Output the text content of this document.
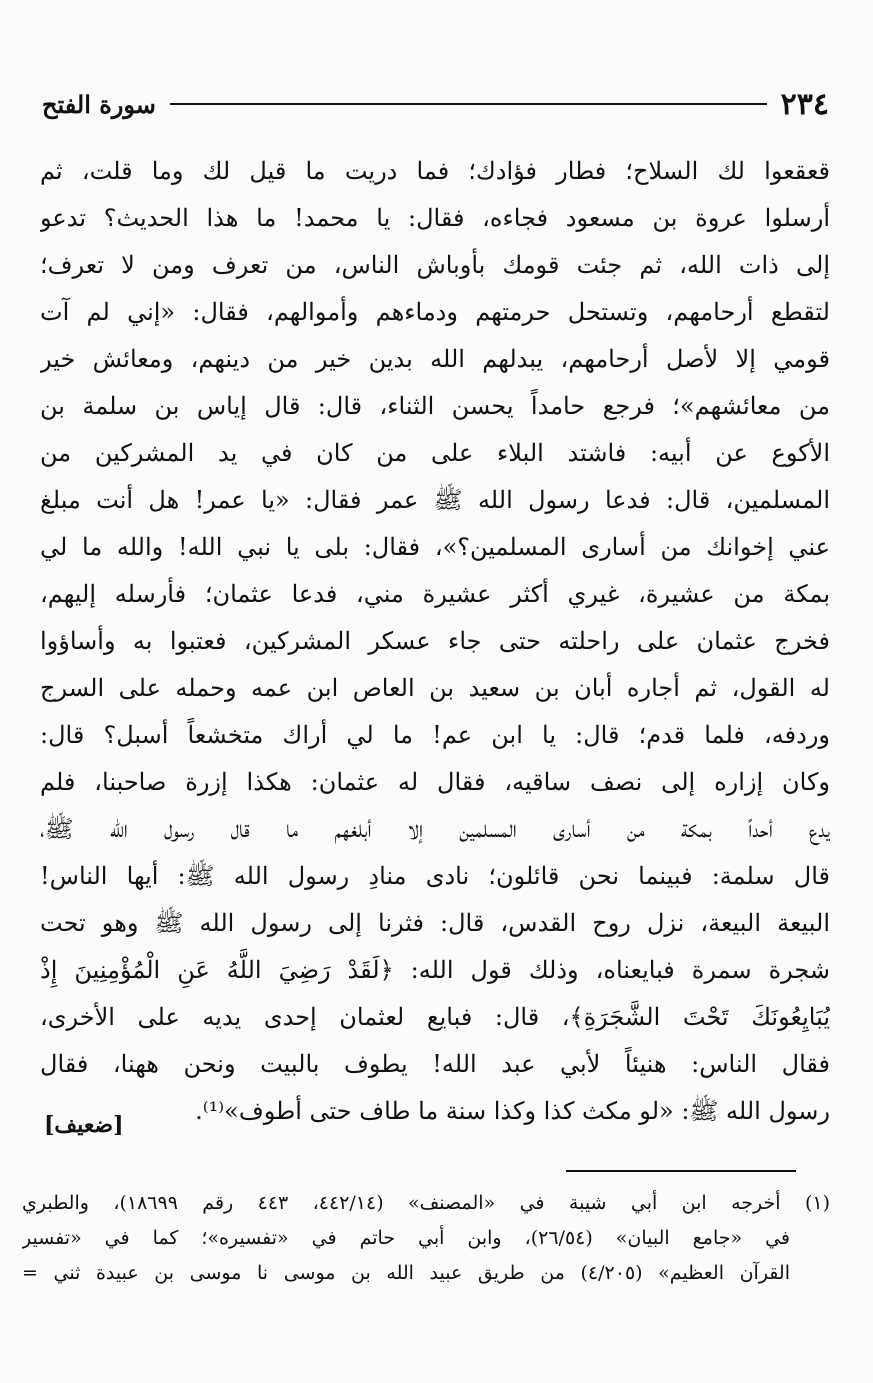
٢٣٤
سورة الفتح
قعقعوا لك السلاح؛ فطار فؤادك؛ فما دريت ما قيل لك وما قلت، ثم
أرسلوا عروة بن مسعود فجاءه، فقال: يا محمد! ما هذا الحديث؟ تدعو
إلى ذات الله، ثم جئت قومك بأوباش الناس، من تعرف ومن لا تعرف؛
لتقطع أرحامهم، وتستحل حرمتهم ودماءهم وأموالهم، فقال: «إني لم آت
قومي إلا لأصل أرحامهم، يبدلهم الله بدين خير من دينهم، ومعائش خير
من معائشهم»؛ فرجع حامداً يحسن الثناء، قال: قال إياس بن سلمة بن
الأكوع عن أبيه: فاشتد البلاء على من كان في يد المشركين من
المسلمين، قال: فدعا رسول الله ﷺ عمر فقال: «يا عمر! هل أنت مبلغ
عني إخوانك من أسارى المسلمين؟»، فقال: بلى يا نبي الله! والله ما لي
بمكة من عشيرة، غيري أكثر عشيرة مني، فدعا عثمان؛ فأرسله إليهم،
فخرج عثمان على راحلته حتى جاء عسكر المشركين، فعتبوا به وأساؤوا
له القول، ثم أجاره أبان بن سعيد بن العاص ابن عمه وحمله على السرج
وردفه، فلما قدم؛ قال: يا ابن عم! ما لي أراك متخشعاً أسبل؟ قال:
وكان إزاره إلى نصف ساقيه، فقال له عثمان: هكذا إزرة صاحبنا، فلم
يدع أحداً بمكة من أسارى المسلمين إلا أبلغهم ما قال رسول الله ﷺ،
قال سلمة: فبينما نحن قائلون؛ نادى منادِ رسول الله ﷺ: أيها الناس!
البيعة البيعة، نزل روح القدس، قال: فثرنا إلى رسول الله ﷺ وهو تحت
شجرة سمرة فبايعناه، وذلك قول الله: ﴿لَقَدْ رَضِيَ اللَّهُ عَنِ الْمُؤْمِنِينَ إِذْ
يُبَايِعُونَكَ تَحْتَ الشَّجَرَةِ﴾، قال: فبايع لعثمان إحدى يديه على الأخرى،
فقال الناس: هنيئاً لأبي عبد الله! يطوف بالبيت ونحن ههنا، فقال
رسول الله ﷺ: «لو مكث كذا وكذا سنة ما طاف حتى أطوف»⁽¹⁾.
[ضعيف]
(١) أخرجه ابن أبي شيبة في «المصنف» (٤٤٢/١٤، ٤٤٣ رقم ١٨٦٩٩)، والطبري
في «جامع البيان» (٢٦/٥٤)، وابن أبي حاتم في «تفسيره»؛ كما في «تفسير
القرآن العظيم» (٤/٢٠٥) من طريق عبيد الله بن موسى نا موسى بن عبيدة ثني =
